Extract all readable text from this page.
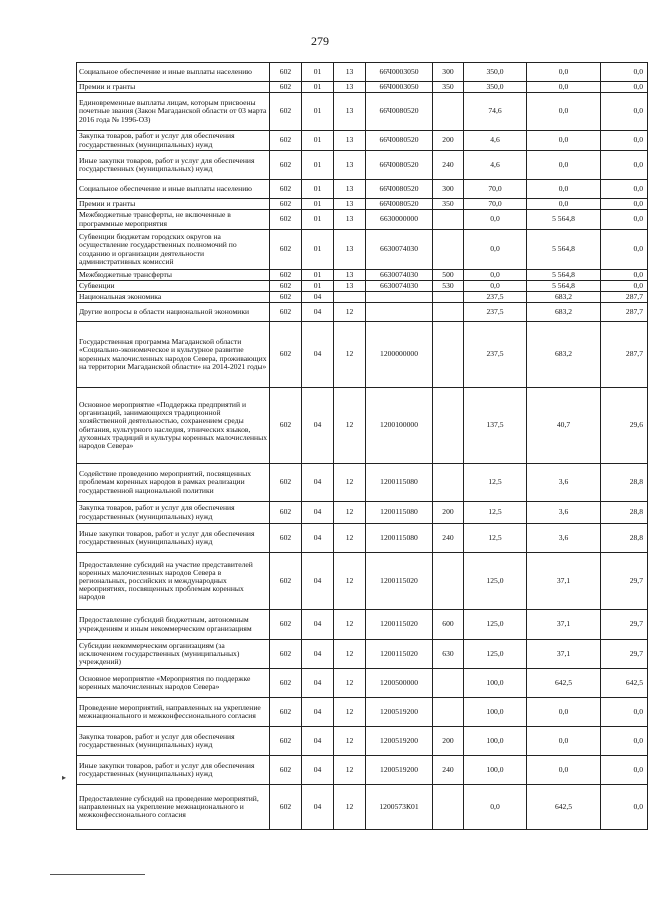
279
Социальное обеспечение и иные выплаты населению	602	01	13	66Ч0003050	300	350,0	0,0	0,0
Премии и гранты	602	01	13	66Ч0003050	350	350,0	0,0	0,0
Единовременные выплаты лицам, которым присвоены почетные звания (Закон Магаданской области от 03 марта 2016 года № 1996-ОЗ)	602	01	13	66Ч0080520		74,6	0,0	0,0
Закупка товаров, работ и услуг для обеспечения государственных (муниципальных) нужд	602	01	13	66Ч0080520	200	4,6	0,0	0,0
Иные закупки товаров, работ и услуг для обеспечения государственных (муниципальных) нужд	602	01	13	66Ч0080520	240	4,6	0,0	0,0
Социальное обеспечение и иные выплаты населению	602	01	13	66Ч0080520	300	70,0	0,0	0,0
Премии и гранты	602	01	13	66Ч0080520	350	70,0	0,0	0,0
Межбюджетные трансферты, не включенные в программные мероприятия	602	01	13	6630000000		0,0	5 564,8	0,0
Субвенции бюджетам городских округов на осуществление государственных полномочий по созданию и организации деятельности административных комиссий	602	01	13	6630074030		0,0	5 564,8	0,0
Межбюджетные трансферты	602	01	13	6630074030	500	0,0	5 564,8	0,0
Субвенции	602	01	13	6630074030	530	0,0	5 564,8	0,0
Национальная экономика	602	04				237,5	683,2	287,7
Другие вопросы в области национальной экономики	602	04	12			237,5	683,2	287,7
Государственная программа Магаданской области «Социально-экономическое и культурное развитие коренных малочисленных народов Севера, проживающих на территории Магаданской области» на 2014-2021 годы»	602	04	12	1200000000		237,5	683,2	287,7
Основное мероприятие «Поддержка предприятий и организаций, занимающихся традиционной хозяйственной деятельностью, сохранением среды обитания, культурного наследия, этнических языков, духовных традиций и культуры коренных малочисленных народов Севера»	602	04	12	1200100000		137,5	40,7	29,6
Содействие проведению мероприятий, посвященных проблемам коренных народов в рамках реализации государственной национальной политики	602	04	12	1200115080		12,5	3,6	28,8
Закупка товаров, работ и услуг для обеспечения государственных (муниципальных) нужд	602	04	12	1200115080	200	12,5	3,6	28,8
Иные закупки товаров, работ и услуг для обеспечения государственных (муниципальных) нужд	602	04	12	1200115080	240	12,5	3,6	28,8
Предоставление субсидий на участие представителей коренных малочисленных народов Севера в региональных, российских и международных мероприятиях, посвященных проблемам коренных народов	602	04	12	1200115020		125,0	37,1	29,7
Предоставление субсидий бюджетным, автономным учреждениям и иным некоммерческим организациям	602	04	12	1200115020	600	125,0	37,1	29,7
Субсидии некоммерческим организациям (за исключением государственных (муниципальных) учреждений)	602	04	12	1200115020	630	125,0	37,1	29,7
Основное мероприятие «Мероприятия по поддержке коренных малочисленных народов Севера»	602	04	12	1200500000		100,0	642,5	642,5
Проведение мероприятий, направленных на укрепление межнационального и межконфессионального согласия	602	04	12	1200519200		100,0	0,0	0,0
Закупка товаров, работ и услуг для обеспечения государственных (муниципальных) нужд	602	04	12	1200519200	200	100,0	0,0	0,0
Иные закупки товаров, работ и услуг для обеспечения государственных (муниципальных) нужд	602	04	12	1200519200	240	100,0	0,0	0,0
Предоставление субсидий на проведение мероприятий, направленных на укрепление межнационального и межконфессионального согласия	602	04	12	1200573К01		0,0	642,5	0,0
▸
